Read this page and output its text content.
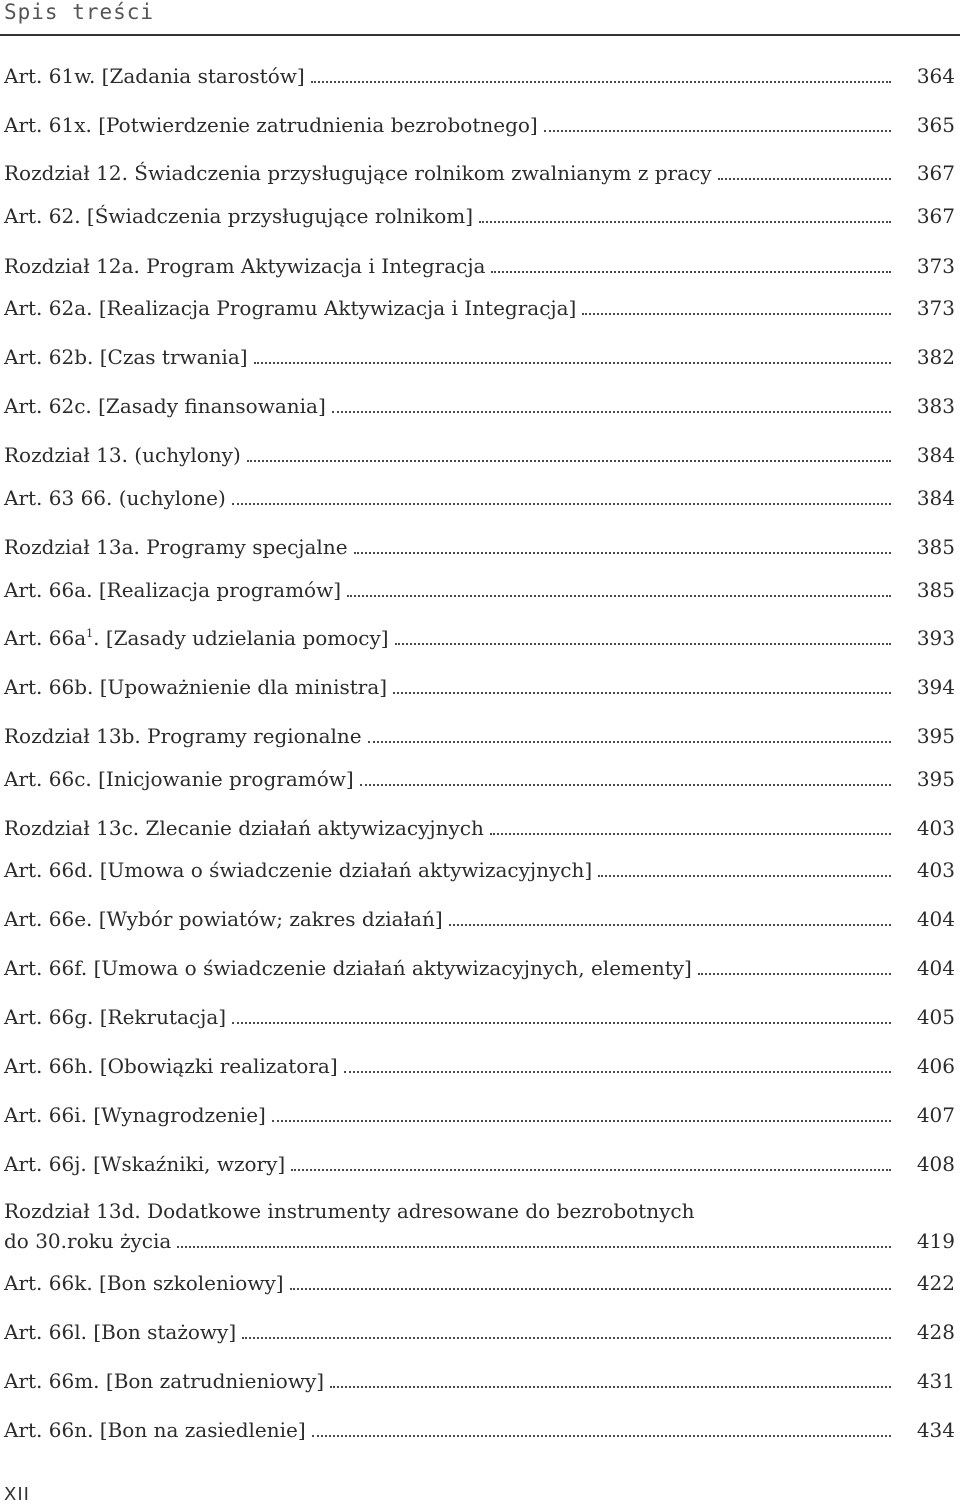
Spis treści
Art. 61w. [Zadania starostów]	364
Art. 61x. [Potwierdzenie zatrudnienia bezrobotnego]	365
Rozdział 12. Świadczenia przysługujące rolnikom zwalnianym z pracy	367
Art. 62. [Świadczenia przysługujące rolnikom]	367
Rozdział 12a. Program Aktywizacja i Integracja	373
Art. 62a. [Realizacja Programu Aktywizacja i Integracja]	373
Art. 62b. [Czas trwania]	382
Art. 62c. [Zasady finansowania]	383
Rozdział 13. (uchylony)	384
Art. 63 66. (uchylone)	384
Rozdział 13a. Programy specjalne	385
Art. 66a. [Realizacja programów]	385
Art. $66a^1$. [Zasady udzielania pomocy]	393
Art. 66b. [Upoważnienie dla ministra]	394
Rozdział 13b. Programy regionalne	395
Art. 66c. [Inicjowanie programów]	395
Rozdział 13c. Zlecanie działań aktywizacyjnych	403
Art. 66d. [Umowa o świadczenie działań aktywizacyjnych]	403
Art. 66e. [Wybór powiatów; zakres działań]	404
Art. 66f. [Umowa o świadczenie działań aktywizacyjnych, elementy]	404
Art. 66g. [Rekrutacja]	405
Art. 66h. [Obowiązki realizatora]	406
Art. 66i. [Wynagrodzenie]	407
Art. 66j. [Wskaźniki, wzory]	408
Rozdział 13d. Dodatkowe instrumenty adresowane do bezrobotnych
do 30.roku życia	419
Art. 66k. [Bon szkoleniowy]	422
Art. 66l. [Bon stażowy]	428
Art. 66m. [Bon zatrudnieniowy]	431
Art. 66n. [Bon na zasiedlenie]	434
XII
